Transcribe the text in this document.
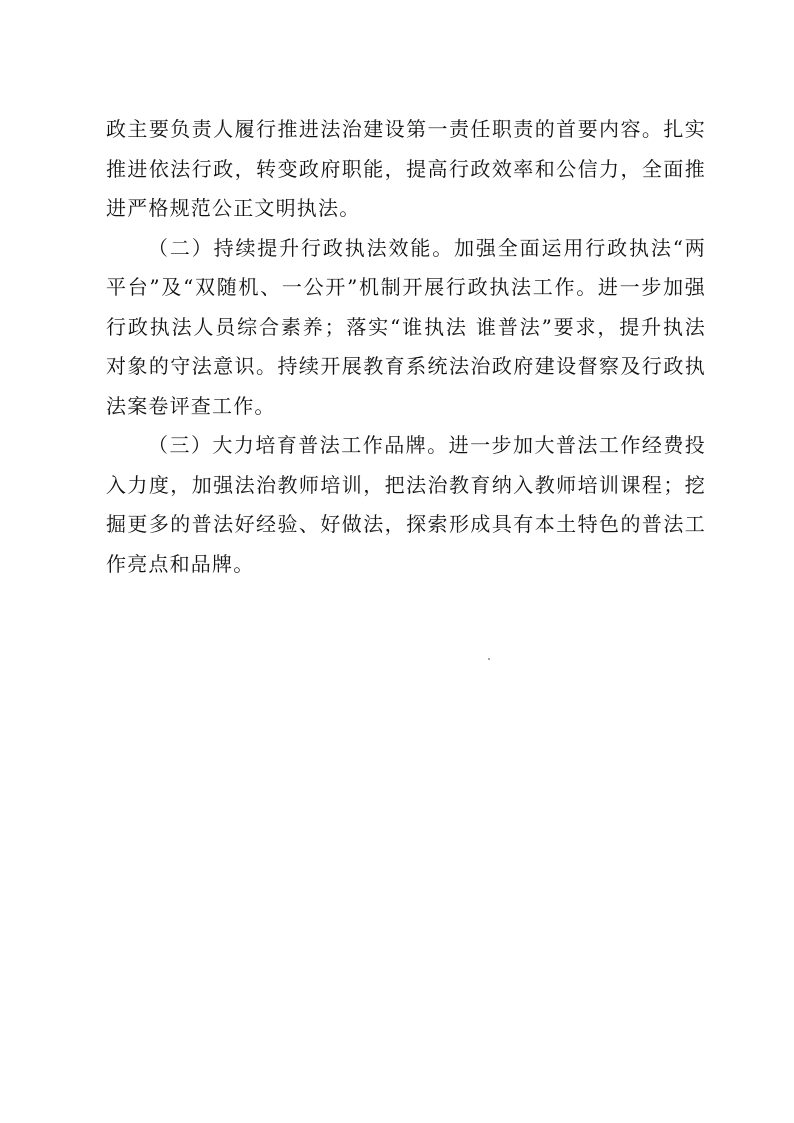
政主要负责人履行推进法治建设第一责任职责的首要内容。扎实推进依法行政，转变政府职能，提高行政效率和公信力，全面推进严格规范公正文明执法。

（二）持续提升行政执法效能。加强全面运用行政执法“两平台”及“双随机、一公开”机制开展行政执法工作。进一步加强行政执法人员综合素养；落实“谁执法 谁普法”要求，提升执法对象的守法意识。持续开展教育系统法治政府建设督察及行政执法案卷评查工作。

（三）大力培育普法工作品牌。进一步加大普法工作经费投入力度，加强法治教师培训，把法治教育纳入教师培训课程；挖掘更多的普法好经验、好做法，探索形成具有本土特色的普法工作亮点和品牌。
